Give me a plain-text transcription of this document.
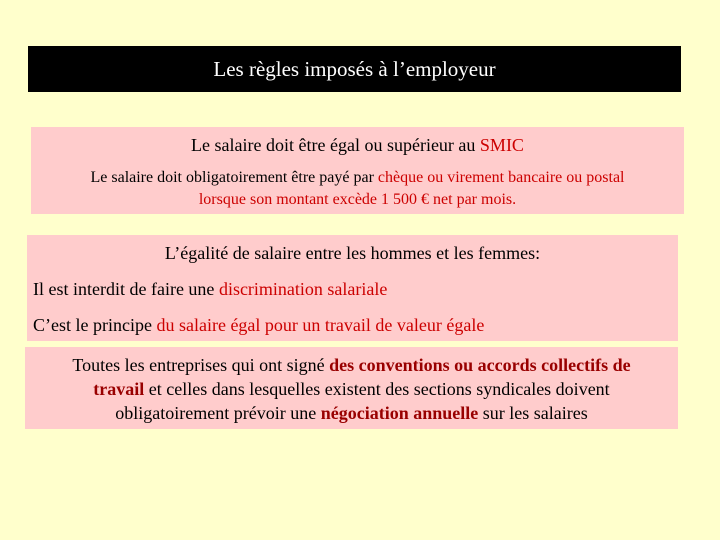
Les règles imposés à l’employeur
Le salaire doit être égal ou supérieur au SMIC
Le salaire doit obligatoirement être payé par chèque ou virement bancaire ou postal
lorsque son montant excède 1 500 € net par mois.
L’égalité de salaire entre les hommes et les femmes:
Il est interdit de faire une discrimination salariale
C’est le principe du salaire égal pour un travail de valeur égale
Toutes les entreprises qui ont signé des conventions ou accords collectifs de
travail et celles dans lesquelles existent des sections syndicales doivent
obligatoirement prévoir une négociation annuelle sur les salaires
